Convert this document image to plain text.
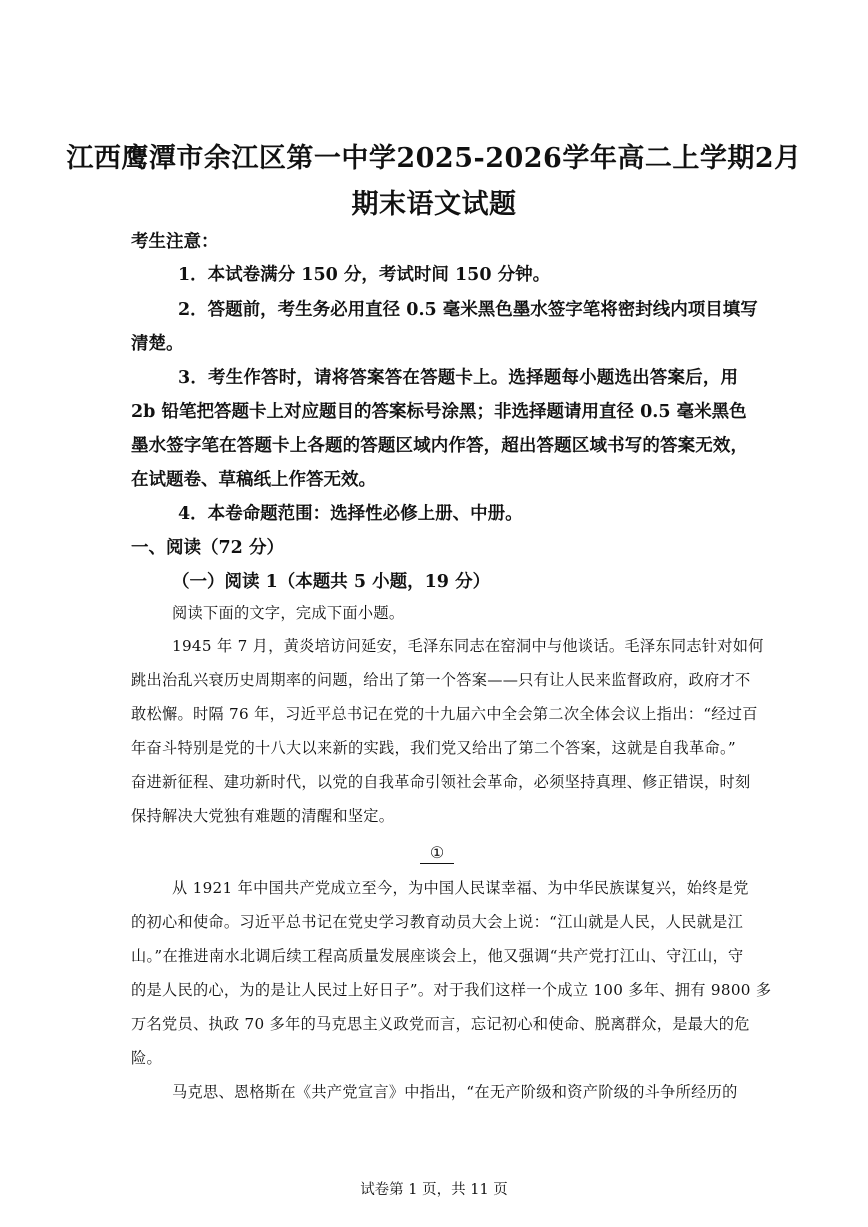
江西鹰潭市余江区第一中学2025-2026学年高二上学期2月
期末语文试题
考生注意：
1．本试卷满分 150 分，考试时间 150 分钟。
2．答题前，考生务必用直径 0.5 毫米黑色墨水签字笔将密封线内项目填写
清楚。
3．考生作答时，请将答案答在答题卡上。选择题每小题选出答案后，用
2b 铅笔把答题卡上对应题目的答案标号涂黑；非选择题请用直径 0.5 毫米黑色
墨水签字笔在答题卡上各题的答题区域内作答，超出答题区域书写的答案无效，
在试题卷、草稿纸上作答无效。
4．本卷命题范围：选择性必修上册、中册。
一、阅读（72 分）
（一）阅读 1（本题共 5 小题，19 分）
阅读下面的文字，完成下面小题。
1945 年 7 月，黄炎培访问延安，毛泽东同志在窑洞中与他谈话。毛泽东同志针对如何
跳出治乱兴衰历史周期率的问题，给出了第一个答案——只有让人民来监督政府，政府才不
敢松懈。时隔 76 年，习近平总书记在党的十九届六中全会第二次全体会议上指出：“经过百
年奋斗特别是党的十八大以来新的实践，我们党又给出了第二个答案，这就是自我革命。”
奋进新征程、建功新时代，以党的自我革命引领社会革命，必须坚持真理、修正错误，时刻
保持解决大党独有难题的清醒和坚定。
①
从 1921 年中国共产党成立至今，为中国人民谋幸福、为中华民族谋复兴，始终是党
的初心和使命。习近平总书记在党史学习教育动员大会上说：“江山就是人民，人民就是江
山。”在推进南水北调后续工程高质量发展座谈会上，他又强调“共产党打江山、守江山，守
的是人民的心，为的是让人民过上好日子”。对于我们这样一个成立 100 多年、拥有 9800 多
万名党员、执政 70 多年的马克思主义政党而言，忘记初心和使命、脱离群众，是最大的危
险。
马克思、恩格斯在《共产党宣言》中指出，“在无产阶级和资产阶级的斗争所经历的
试卷第 1 页，共 11 页
